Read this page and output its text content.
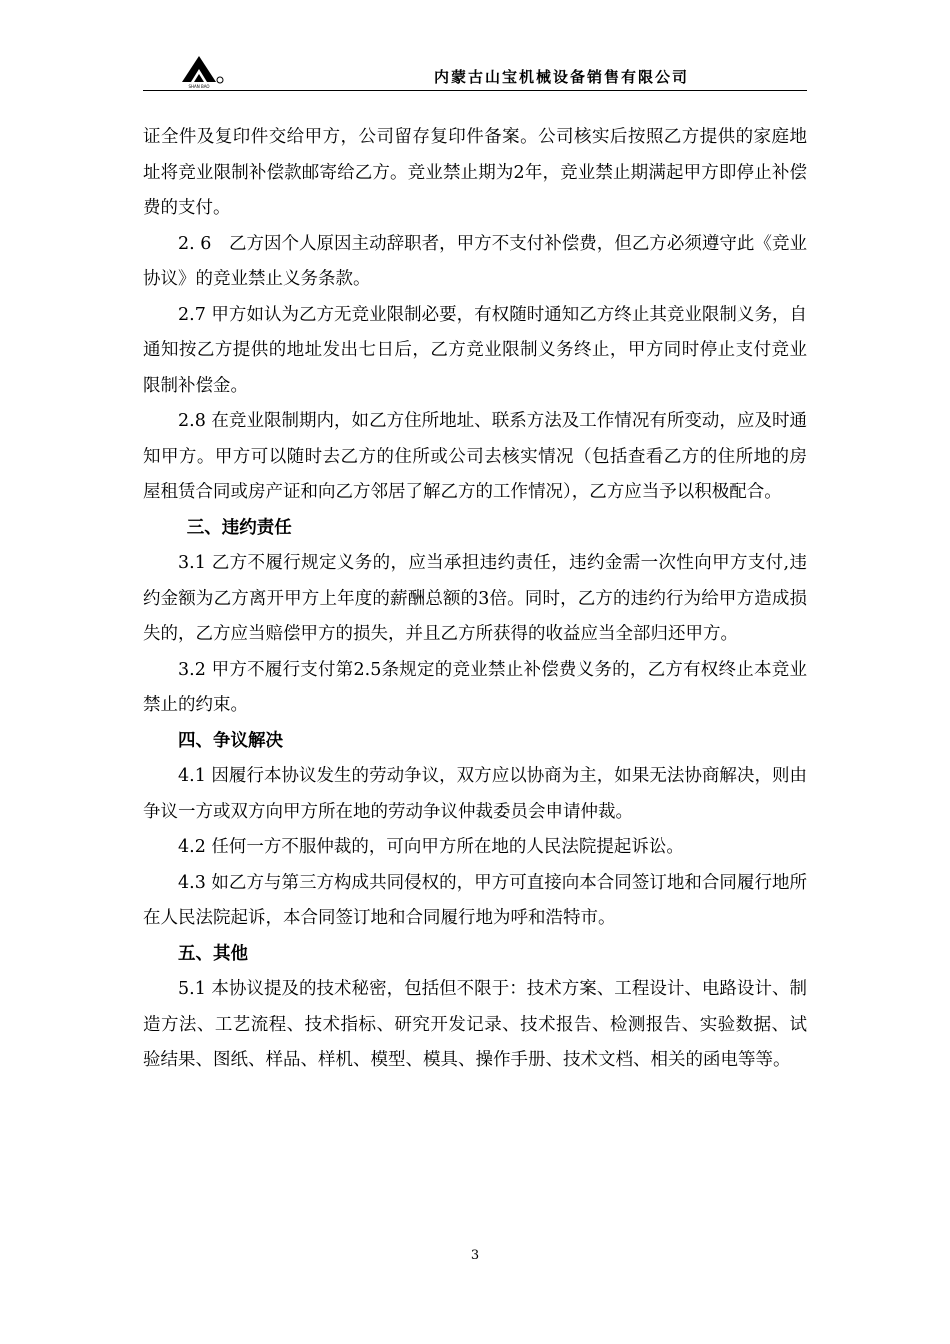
SHAN BAO
内蒙古山宝机械设备销售有限公司

证全件及复印件交给甲方，公司留存复印件备案。公司核实后按照乙方提供的家庭地址将竞业限制补偿款邮寄给乙方。竞业禁止期为2年，竞业禁止期满起甲方即停止补偿费的支付。

2. 6　乙方因个人原因主动辞职者，甲方不支付补偿费，但乙方必须遵守此《竞业协议》的竞业禁止义务条款。

2.7 甲方如认为乙方无竞业限制必要，有权随时通知乙方终止其竞业限制义务，自通知按乙方提供的地址发出七日后，乙方竞业限制义务终止，甲方同时停止支付竞业限制补偿金。

2.8 在竞业限制期内，如乙方住所地址、联系方法及工作情况有所变动，应及时通知甲方。甲方可以随时去乙方的住所或公司去核实情况（包括查看乙方的住所地的房屋租赁合同或房产证和向乙方邻居了解乙方的工作情况），乙方应当予以积极配合。

三、违约责任

3.1 乙方不履行规定义务的，应当承担违约责任，违约金需一次性向甲方支付,违约金额为乙方离开甲方上年度的薪酬总额的3倍。同时，乙方的违约行为给甲方造成损失的，乙方应当赔偿甲方的损失，并且乙方所获得的收益应当全部归还甲方。

3.2 甲方不履行支付第2.5条规定的竞业禁止补偿费义务的，乙方有权终止本竞业禁止的约束。

四、争议解决

4.1 因履行本协议发生的劳动争议，双方应以协商为主，如果无法协商解决，则由争议一方或双方向甲方所在地的劳动争议仲裁委员会申请仲裁。

4.2 任何一方不服仲裁的，可向甲方所在地的人民法院提起诉讼。

4.3 如乙方与第三方构成共同侵权的，甲方可直接向本合同签订地和合同履行地所在人民法院起诉，本合同签订地和合同履行地为呼和浩特市。

五、其他

5.1 本协议提及的技术秘密，包括但不限于：技术方案、工程设计、电路设计、制造方法、工艺流程、技术指标、研究开发记录、技术报告、检测报告、实验数据、试验结果、图纸、样品、样机、模型、模具、操作手册、技术文档、相关的函电等等。

3
